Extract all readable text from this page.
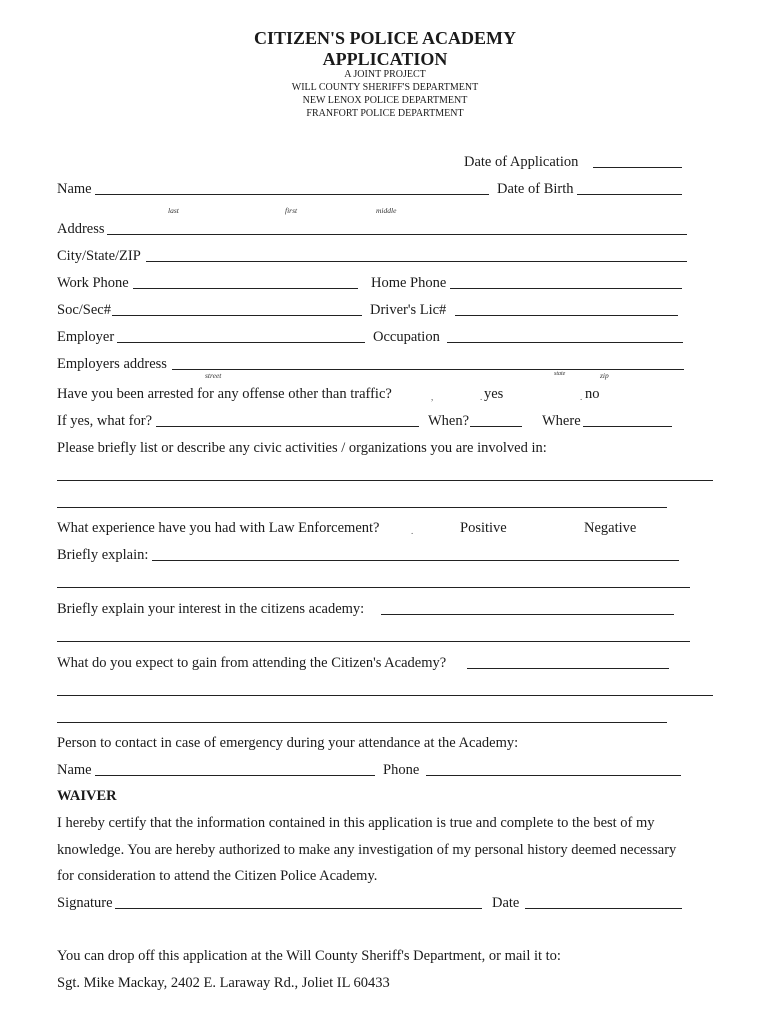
CITIZEN'S POLICE ACADEMY
APPLICATION
A JOINT PROJECT
WILL COUNTY SHERIFF'S DEPARTMENT
NEW LENOX POLICE DEPARTMENT
FRANFORT POLICE DEPARTMENT
Date of Application
Name	Date of Birth
last	first	middle
Address
City/State/ZIP
Work Phone	Home Phone
Soc/Sec#	Driver's Lic#
Employer	Occupation
Employers address
street	state	zip
Have you been arrested for any offense other than traffic?	,	. yes	. no
If yes, what for?	When?	Where
Please briefly list or describe any civic activities / organizations you are involved in:
What experience have you had with Law Enforcement?	.	Positive	Negative
Briefly explain:
Briefly explain your interest in the citizens academy:
What do you expect to gain from attending the Citizen's Academy?
Person to contact in case of emergency during your attendance at the Academy:
Name	Phone
WAIVER
I hereby certify that the information contained in this application is true and complete to the best of my
knowledge. You are hereby authorized to make any investigation of my personal history deemed necessary
for consideration to attend the Citizen Police Academy.
Signature	Date
You can drop off this application at the Will County Sheriff's Department, or mail it to:
Sgt. Mike Mackay, 2402 E. Laraway Rd., Joliet IL 60433
